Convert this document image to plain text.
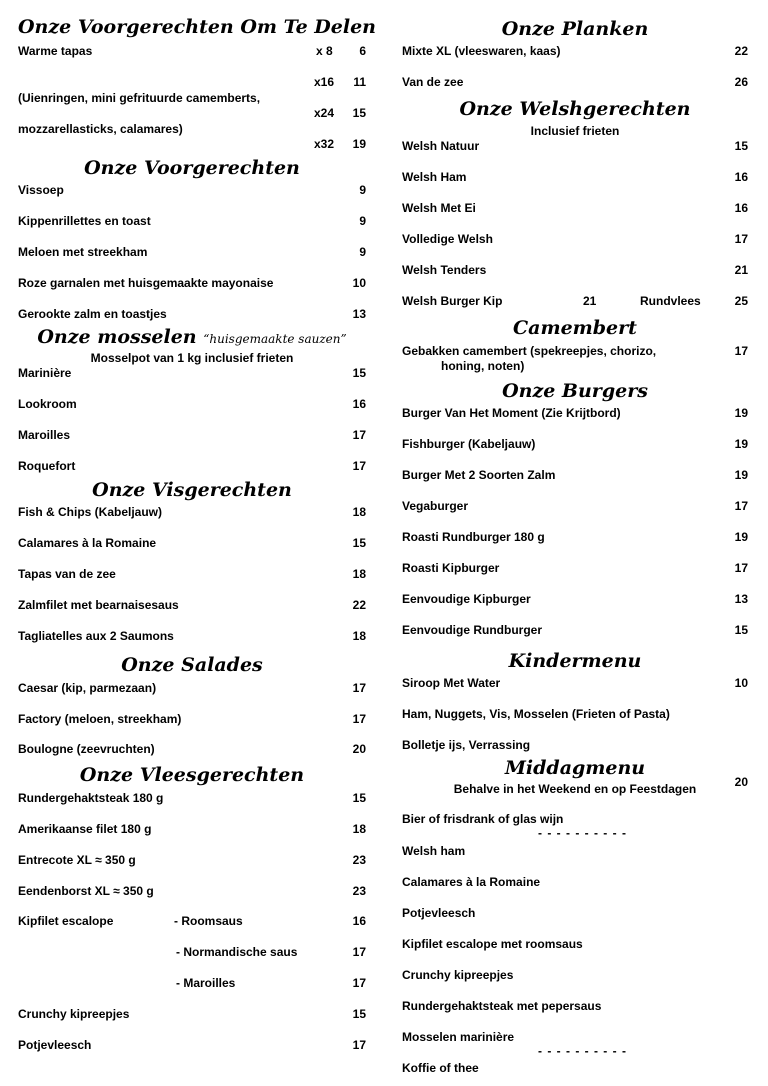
Onze Voorgerechten Om Te Delen
Warme tapas
(Uienringen, mini gefrituurde camemberts,
mozzarellasticks, calamares)
x 8 6
x16 11
x24 15
x32 19
Onze Voorgerechten
Vissoep	9
Kippenrillettes en toast	9
Meloen met streekham	9
Roze garnalen met huisgemaakte mayonaise	10
Gerookte zalm en toastjes	13
Onze mosselen “huisgemaakte sauzen”
Mosselpot van 1 kg inclusief frieten
Marinière	15
Lookroom	16
Maroilles	17
Roquefort	17
Onze Visgerechten
Fish & Chips (Kabeljauw)	18
Calamares à la Romaine	15
Tapas van de zee	18
Zalmfilet met bearnaisesaus	22
Tagliatelles aux 2 Saumons	18
Onze Salades
Caesar (kip, parmezaan)	17
Factory (meloen, streekham)	17
Boulogne (zeevruchten)	20
Onze Vleesgerechten
Rundergehaktsteak 180 g	15
Amerikaanse filet 180 g	18
Entrecote XL ≈ 350 g	23
Eendenborst XL ≈ 350 g	23
Kipfilet escalope	- Roomsaus	16
- Normandische saus	17
- Maroilles	17
Crunchy kipreepjes	15
Potjevleesch	17
Onze Planken
Mixte XL (vleeswaren, kaas)	22
Van de zee	26
Onze Welshgerechten
Inclusief frieten
Welsh Natuur	15
Welsh Ham	16
Welsh Met Ei	16
Volledige Welsh	17
Welsh Tenders	21
Welsh Burger Kip	21	Rundvlees	25
Camembert
Gebakken camembert (spekreepjes, chorizo,
honing, noten)
17
Onze Burgers
Burger Van Het Moment (Zie Krijtbord)	19
Fishburger (Kabeljauw)	19
Burger Met 2 Soorten Zalm	19
Vegaburger	17
Roasti Rundburger 180 g	19
Roasti Kipburger	17
Eenvoudige Kipburger	13
Eenvoudige Rundburger	15
Kindermenu
Siroop Met Water	10
Ham, Nuggets, Vis, Mosselen (Frieten of Pasta)
Bolletje ijs, Verrassing
Middagmenu
Behalve in het Weekend en op Feestdagen	20
Bier of frisdrank of glas wijn
- - - - - - - - - -
Welsh ham
Calamares à la Romaine
Potjevleesch
Kipfilet escalope met roomsaus
Crunchy kipreepjes
Rundergehaktsteak met pepersaus
Mosselen marinière
- - - - - - - - - -
Koffie of thee
